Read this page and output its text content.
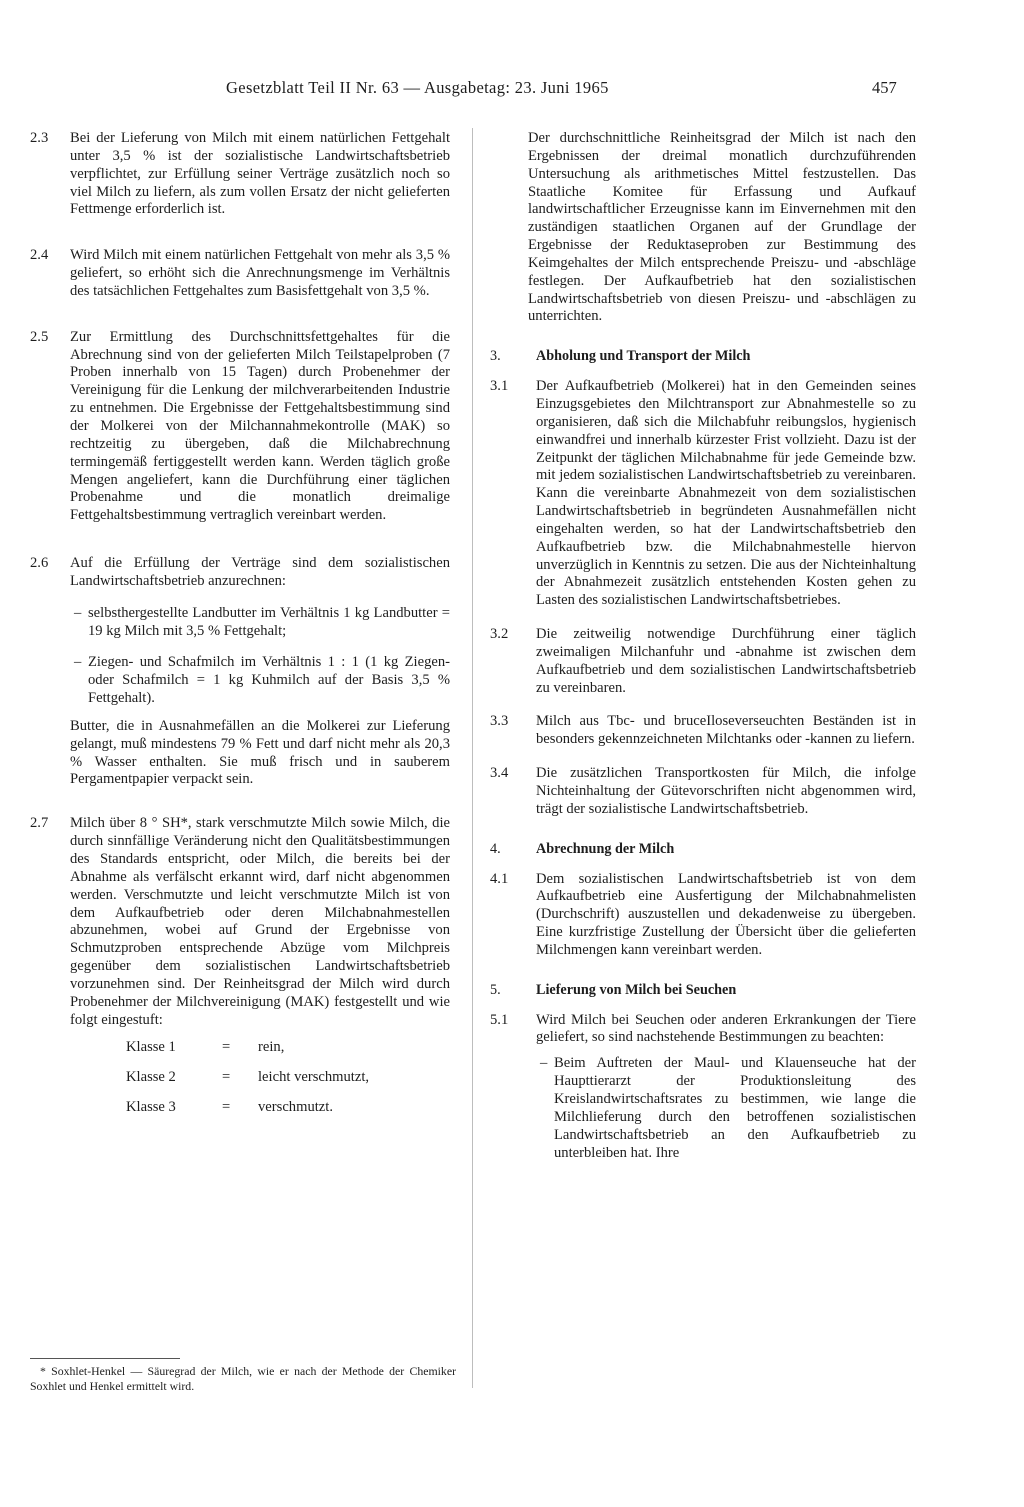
Gesetzblatt Teil II Nr. 63 — Ausgabetag: 23. Juni 1965	457
2.3 Bei der Lieferung von Milch mit einem natürlichen Fettgehalt unter 3,5 % ist der sozialistische Landwirtschaftsbetrieb verpflichtet, zur Erfüllung seiner Verträge zusätzlich noch so viel Milch zu liefern, als zum vollen Ersatz der nicht gelieferten Fettmenge erforderlich ist.

2.4 Wird Milch mit einem natürlichen Fettgehalt von mehr als 3,5 % geliefert, so erhöht sich die Anrechnungsmenge im Verhältnis des tatsächlichen Fettgehaltes zum Basisfettgehalt von 3,5 %.

2.5 Zur Ermittlung des Durchschnittsfettgehaltes für die Abrechnung sind von der gelieferten Milch Teilstapelproben (7 Proben innerhalb von 15 Tagen) durch Probenehmer der Vereinigung für die Lenkung der milchverarbeitenden Industrie zu entnehmen. Die Ergebnisse der Fettgehaltsbestimmung sind der Molkerei von der Milchannahmekontrolle (MAK) so rechtzeitig zu übergeben, daß die Milchabrechnung termingemäß fertiggestellt werden kann. Werden täglich große Mengen angeliefert, kann die Durchführung einer täglichen Probenahme und die monatlich dreimalige Fettgehaltsbestimmung vertraglich vereinbart werden.

2.6 Auf die Erfüllung der Verträge sind dem sozialistischen Landwirtschaftsbetrieb anzurechnen:

– selbsthergestellte Landbutter im Verhältnis 1 kg Landbutter = 19 kg Milch mit 3,5 % Fettgehalt;

– Ziegen- und Schafmilch im Verhältnis 1 : 1 (1 kg Ziegen- oder Schafmilch = 1 kg Kuhmilch auf der Basis 3,5 % Fettgehalt).

Butter, die in Ausnahmefällen an die Molkerei zur Lieferung gelangt, muß mindestens 79 % Fett und darf nicht mehr als 20,3 % Wasser enthalten. Sie muß frisch und in sauberem Pergamentpapier verpackt sein.

2.7 Milch über 8 ° SH*, stark verschmutzte Milch sowie Milch, die durch sinnfällige Veränderung nicht den Qualitätsbestimmungen des Standards entspricht, oder Milch, die bereits bei der Abnahme als verfälscht erkannt wird, darf nicht abgenommen werden. Verschmutzte und leicht verschmutzte Milch ist von dem Aufkaufbetrieb oder deren Milchabnahmestellen abzunehmen, wobei auf Grund der Ergebnisse von Schmutzproben entsprechende Abzüge vom Milchpreis gegenüber dem sozialistischen Landwirtschaftsbetrieb vorzunehmen sind. Der Reinheitsgrad der Milch wird durch Probenehmer der Milchvereinigung (MAK) festgestellt und wie folgt eingestuft:

Klasse 1	=	rein,
Klasse 2	=	leicht verschmutzt,
Klasse 3	=	verschmutzt.

* Soxhlet-Henkel — Säuregrad der Milch, wie er nach der Methode der Chemiker Soxhlet und Henkel ermittelt wird.

Der durchschnittliche Reinheitsgrad der Milch ist nach den Ergebnissen der dreimal monatlich durchzuführenden Untersuchung als arithmetisches Mittel festzustellen. Das Staatliche Komitee für Erfassung und Aufkauf landwirtschaftlicher Erzeugnisse kann im Einvernehmen mit den zuständigen staatlichen Organen auf der Grundlage der Ergebnisse der Reduktaseproben zur Bestimmung des Keimgehaltes der Milch entsprechende Preiszu- und -abschläge festlegen. Der Aufkaufbetrieb hat den sozialistischen Landwirtschaftsbetrieb von diesen Preiszu- und -abschlägen zu unterrichten.

3. Abholung und Transport der Milch
3.1 Der Aufkaufbetrieb (Molkerei) hat in den Gemeinden seines Einzugsgebietes den Milchtransport zur Abnahmestelle so zu organisieren, daß sich die Milchabfuhr reibungslos, hygienisch einwandfrei und innerhalb kürzester Frist vollzieht. Dazu ist der Zeitpunkt der täglichen Milchabnahme für jede Gemeinde bzw. mit jedem sozialistischen Landwirtschaftsbetrieb zu vereinbaren. Kann die vereinbarte Abnahmezeit von dem sozialistischen Landwirtschaftsbetrieb in begründeten Ausnahmefällen nicht eingehalten werden, so hat der Landwirtschaftsbetrieb den Aufkaufbetrieb bzw. die Milchabnahmestelle hiervon unverzüglich in Kenntnis zu setzen. Die aus der Nichteinhaltung der Abnahmezeit zusätzlich entstehenden Kosten gehen zu Lasten des sozialistischen Landwirtschaftsbetriebes.

3.2 Die zeitweilig notwendige Durchführung einer täglich zweimaligen Milchanfuhr und -abnahme ist zwischen dem Aufkaufbetrieb und dem sozialistischen Landwirtschaftsbetrieb zu vereinbaren.

3.3 Milch aus Tbc- und bruceIloseverseuchten Beständen ist in besonders gekennzeichneten Milchtanks oder -kannen zu liefern.

3.4 Die zusätzlichen Transportkosten für Milch, die infolge Nichteinhaltung der Gütevorschriften nicht abgenommen wird, trägt der sozialistische Landwirtschaftsbetrieb.

4. Abrechnung der Milch
4.1 Dem sozialistischen Landwirtschaftsbetrieb ist von dem Aufkaufbetrieb eine Ausfertigung der Milchabnahmelisten (Durchschrift) auszustellen und dekadenweise zu übergeben. Eine kurzfristige Zustellung der Übersicht über die gelieferten Milchmengen kann vereinbart werden.

5. Lieferung von Milch bei Seuchen
5.1 Wird Milch bei Seuchen oder anderen Erkrankungen der Tiere geliefert, so sind nachstehende Bestimmungen zu beachten:

– Beim Auftreten der Maul- und Klauenseuche hat der Haupttierarzt der Produktionsleitung des Kreislandwirtschaftsrates zu bestimmen, wie lange die Milchlieferung durch den betroffenen sozialistischen Landwirtschaftsbetrieb an den Aufkaufbetrieb zu unterbleiben hat. Ihre
